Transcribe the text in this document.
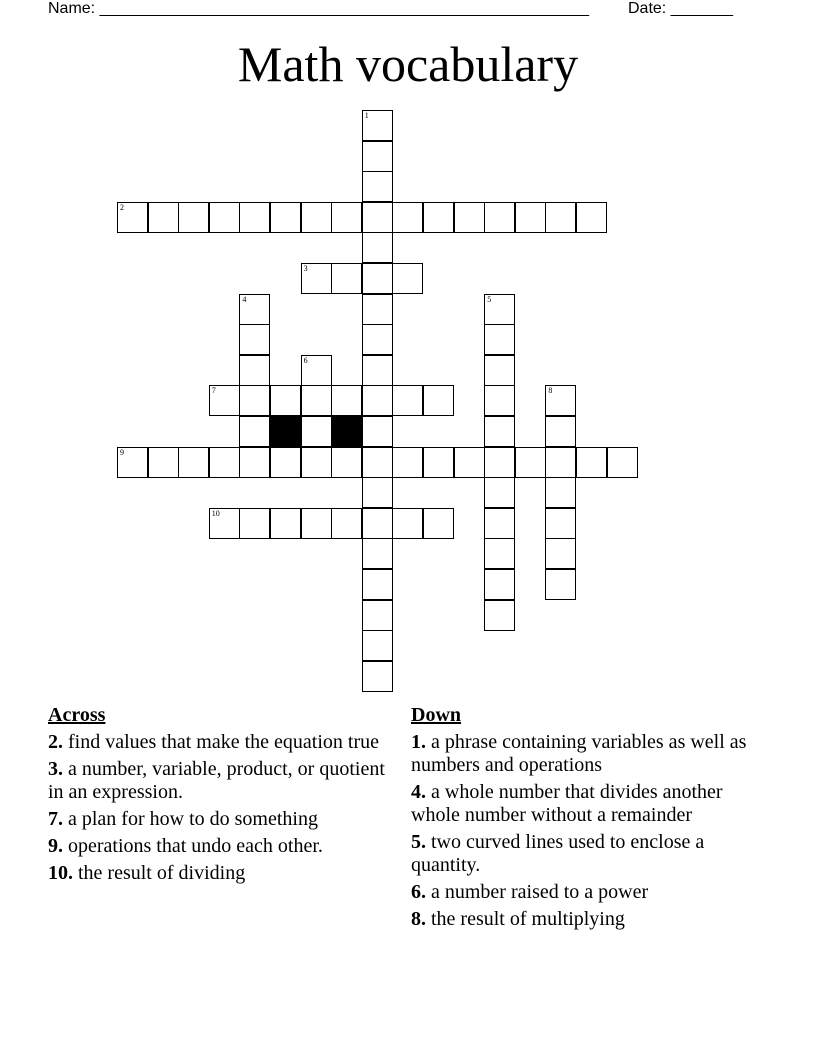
Name: _______________________________________________________ Date: _______
Math vocabulary
1
2
3
4	5
6
7	8
9
10
Across
2. find values that make the equation true
3. a number, variable, product, or quotient in an expression.
7. a plan for how to do something
9. operations that undo each other.
10. the result of dividing
Down
1. a phrase containing variables as well as numbers and operations
4. a whole number that divides another whole number without a remainder
5. two curved lines used to enclose a quantity.
6. a number raised to a power
8. the result of multiplying
